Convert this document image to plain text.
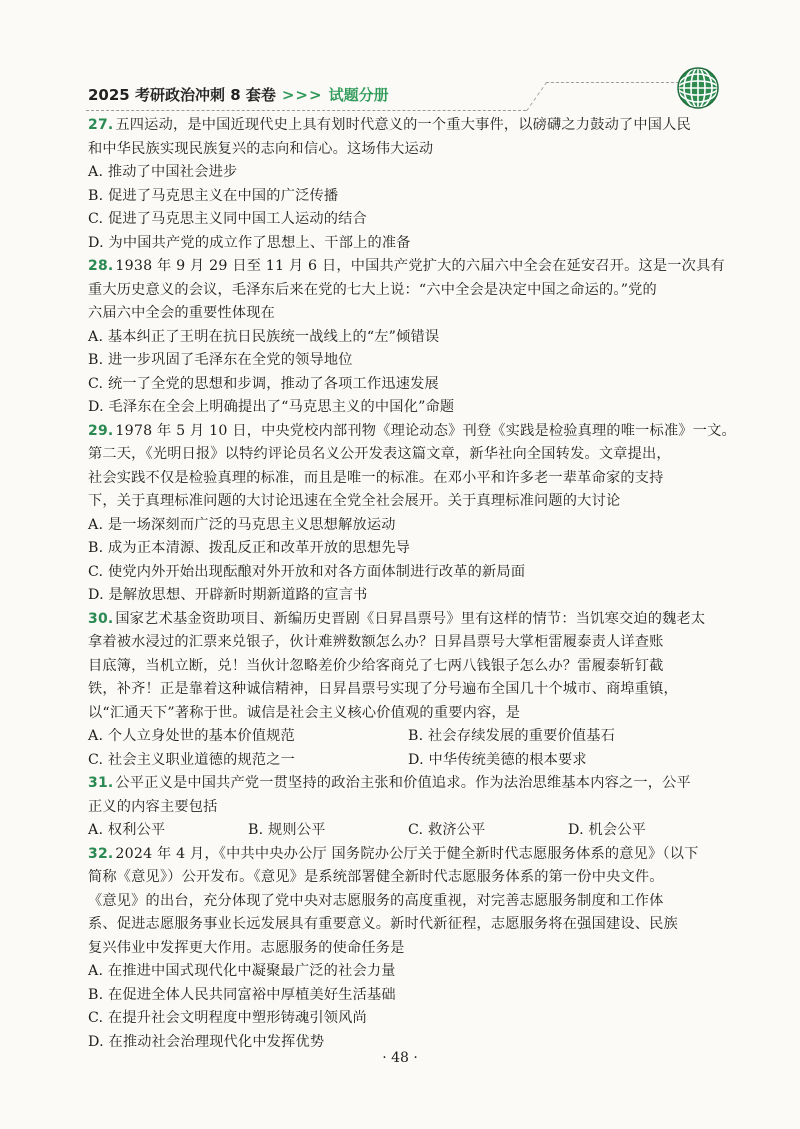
2025 考研政治冲刺 8 套卷 >>> 试题分册
27. 五四运动，是中国近现代史上具有划时代意义的一个重大事件，以磅礴之力鼓动了中国人民
和中华民族实现民族复兴的志向和信心。这场伟大运动
A. 推动了中国社会进步
B. 促进了马克思主义在中国的广泛传播
C. 促进了马克思主义同中国工人运动的结合
D. 为中国共产党的成立作了思想上、干部上的准备
28. 1938 年 9 月 29 日至 11 月 6 日，中国共产党扩大的六届六中全会在延安召开。这是一次具有
重大历史意义的会议，毛泽东后来在党的七大上说：“六中全会是决定中国之命运的。”党的
六届六中全会的重要性体现在
A. 基本纠正了王明在抗日民族统一战线上的“左”倾错误
B. 进一步巩固了毛泽东在全党的领导地位
C. 统一了全党的思想和步调，推动了各项工作迅速发展
D. 毛泽东在全会上明确提出了“马克思主义的中国化”命题
29. 1978 年 5 月 10 日，中央党校内部刊物《理论动态》刊登《实践是检验真理的唯一标准》一文。
第二天，《光明日报》以特约评论员名义公开发表这篇文章，新华社向全国转发。文章提出，
社会实践不仅是检验真理的标准，而且是唯一的标准。在邓小平和许多老一辈革命家的支持
下，关于真理标准问题的大讨论迅速在全党全社会展开。关于真理标准问题的大讨论
A. 是一场深刻而广泛的马克思主义思想解放运动
B. 成为正本清源、拨乱反正和改革开放的思想先导
C. 使党内外开始出现酝酿对外开放和对各方面体制进行改革的新局面
D. 是解放思想、开辟新时期新道路的宣言书
30. 国家艺术基金资助项目、新编历史晋剧《日昇昌票号》里有这样的情节：当饥寒交迫的魏老太
拿着被水浸过的汇票来兑银子，伙计难辨数额怎么办？日昇昌票号大掌柜雷履泰责人详查账
目底簿，当机立断，兑！当伙计忽略差价少给客商兑了七两八钱银子怎么办？雷履泰斩钉截
铁，补齐！正是靠着这种诚信精神，日昇昌票号实现了分号遍布全国几十个城市、商埠重镇，
以“汇通天下”著称于世。诚信是社会主义核心价值观的重要内容，是
A. 个人立身处世的基本价值规范	B. 社会存续发展的重要价值基石
C. 社会主义职业道德的规范之一	D. 中华传统美德的根本要求
31. 公平正义是中国共产党一贯坚持的政治主张和价值追求。作为法治思维基本内容之一，公平
正义的内容主要包括
A. 权利公平	B. 规则公平	C. 救济公平	D. 机会公平
32. 2024 年 4 月，《中共中央办公厅 国务院办公厅关于健全新时代志愿服务体系的意见》（以下
简称《意见》）公开发布。《意见》是系统部署健全新时代志愿服务体系的第一份中央文件。
《意见》的出台，充分体现了党中央对志愿服务的高度重视，对完善志愿服务制度和工作体
系、促进志愿服务事业长远发展具有重要意义。新时代新征程，志愿服务将在强国建设、民族
复兴伟业中发挥更大作用。志愿服务的使命任务是
A. 在推进中国式现代化中凝聚最广泛的社会力量
B. 在促进全体人民共同富裕中厚植美好生活基础
C. 在提升社会文明程度中塑形铸魂引领风尚
D. 在推动社会治理现代化中发挥优势
· 48 ·
